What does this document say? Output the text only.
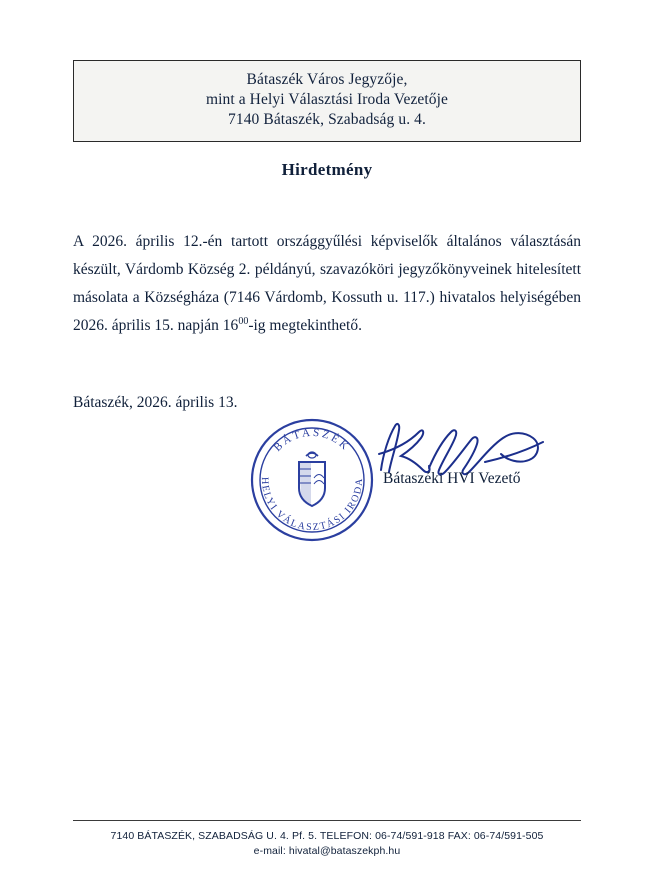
Bátaszék Város Jegyzője,
mint a Helyi Választási Iroda Vezetője
7140 Bátaszék, Szabadság u. 4.
Hirdetmény
A 2026. április 12.-én tartott országgyűlési képviselők általános választásán készült, Várdomb Község 2. példányú, szavazóköri jegyzőkönyveinek hitelesített másolata a Községháza (7146 Várdomb, Kossuth u. 117.) hivatalos helyiségében 2026. április 15. napján $16^{00}-ig$ megtekinthető.
Bátaszék, 2026. április 13.
BÁTASZÉK
HELYI VÁLASZTÁSI IRODA Bátaszéki HVI Vezető
7140 BÁTASZÉK, SZABADSÁG U. 4. Pf. 5. TELEFON: 06-74/591-918 FAX: 06-74/591-505
e-mail: hivatal@bataszekph.hu
